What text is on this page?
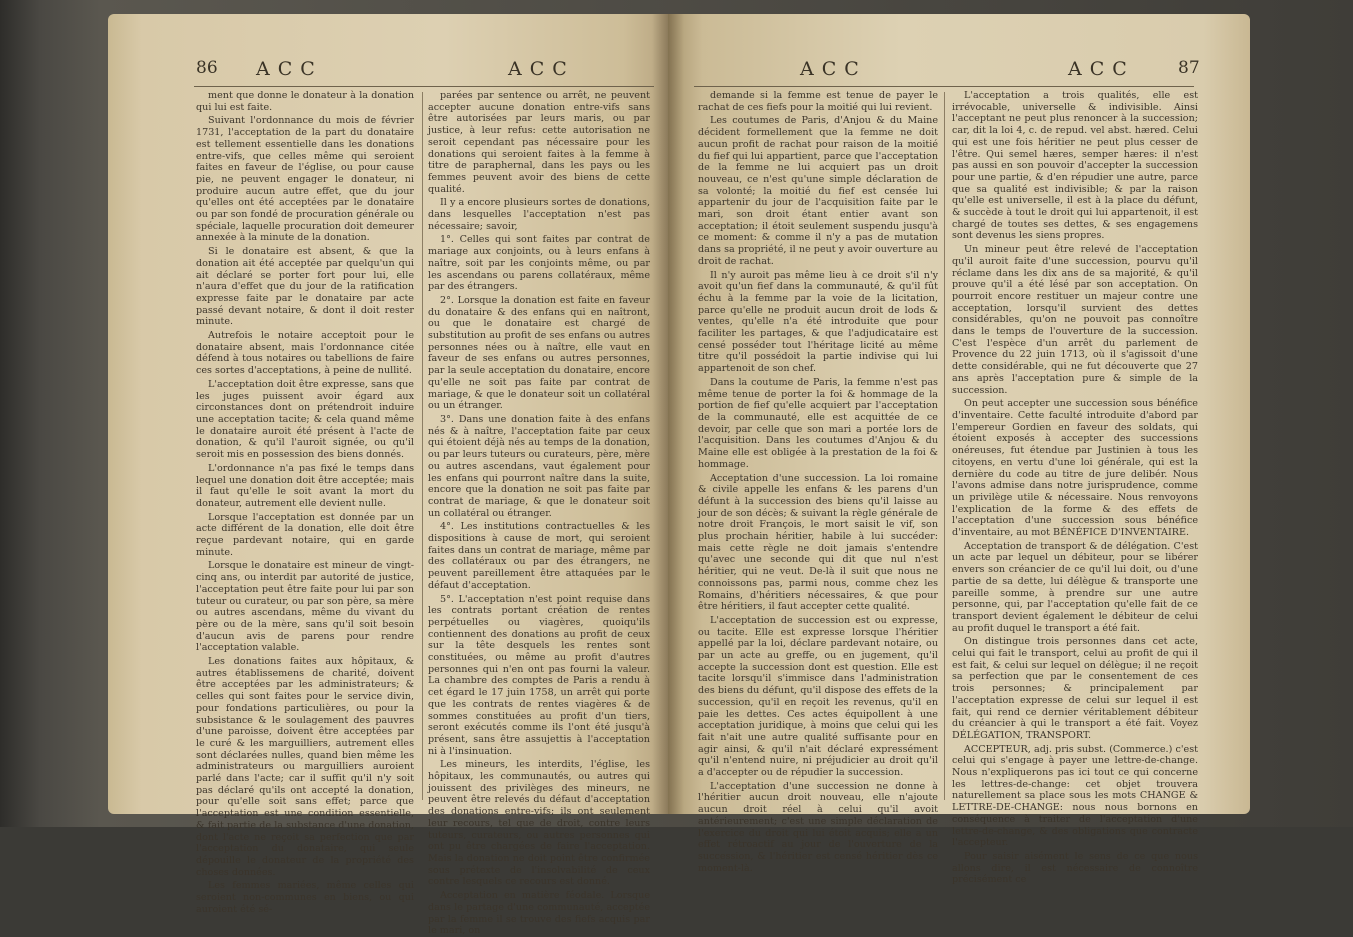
86 ACC	ACC

ment que donne le donateur à la donation qui lui est faite.

Suivant l'ordonnance du mois de février 1731, l'acceptation de la part du donataire est tellement essentielle dans les donations entre-vifs, que celles même qui seroient faites en faveur de l'église, ou pour cause pie, ne peuvent engager le donateur, ni produire aucun autre effet, que du jour qu'elles ont été acceptées par le donataire ou par son fondé de procuration générale ou spéciale, laquelle procuration doit demeurer annexée à la minute de la donation.

Si le donataire est absent, & que la donation ait été acceptée par quelqu'un qui ait déclaré se porter fort pour lui, elle n'aura d'effet que du jour de la ratification expresse faite par le donataire par acte passé devant notaire, & dont il doit rester minute.

Autrefois le notaire acceptoit pour le donataire absent, mais l'ordonnance citée défend à tous notaires ou tabellions de faire ces sortes d'acceptations, à peine de nullité.

L'acceptation doit être expresse, sans que les juges puissent avoir égard aux circonstances dont on prétendroit induire une acceptation tacite; & cela quand même le donataire auroit été présent à l'acte de donation, & qu'il l'auroit signée, ou qu'il seroit mis en possession des biens donnés.

L'ordonnance n'a pas fixé le temps dans lequel une donation doit être acceptée; mais il faut qu'elle le soit avant la mort du donateur, autrement elle devient nulle.

Lorsque l'acceptation est donnée par un acte différent de la donation, elle doit être reçue pardevant notaire, qui en garde minute.

Lorsque le donataire est mineur de vingt-cinq ans, ou interdit par autorité de justice, l'acceptation peut être faite pour lui par son tuteur ou curateur, ou par son père, sa mère ou autres ascendans, même du vivant du père ou de la mère, sans qu'il soit besoin d'aucun avis de parens pour rendre l'acceptation valable.

Les donations faites aux hôpitaux, & autres établissemens de charité, doivent être acceptées par les administrateurs; & celles qui sont faites pour le service divin, pour fondations particulières, ou pour la subsistance & le soulagement des pauvres d'une paroisse, doivent être acceptées par le curé & les marguilliers, autrement elles sont déclarées nulles, quand bien même les administrateurs ou marguilliers auroient parlé dans l'acte; car il suffit qu'il n'y soit pas déclaré qu'ils ont accepté la donation, pour qu'elle soit sans effet; parce que l'acceptation est une condition essentielle, & fait partie de la substance d'une donation, dont l'acte ne reçoit sa perfection que par l'acceptation du donataire, qui seule dépouille le donateur de la propriété des choses données.

Les femmes mariées, même celles qui seroient non-communes en biens, ou qui auroient été sé-

parées par sentence ou arrêt, ne peuvent accepter aucune donation entre-vifs sans être autorisées par leurs maris, ou par justice, à leur refus: cette autorisation ne seroit cependant pas nécessaire pour les donations qui seroient faites à la femme à titre de paraphernal, dans les pays ou les femmes peuvent avoir des biens de cette qualité.

Il y a encore plusieurs sortes de donations, dans lesquelles l'acceptation n'est pas nécessaire; savoir,

1°. Celles qui sont faites par contrat de mariage aux conjoints, ou à leurs enfans à naître, soit par les conjoints même, ou par les ascendans ou parens collatéraux, même par des étrangers.

2°. Lorsque la donation est faite en faveur du donataire & des enfans qui en naîtront, ou que le donataire est chargé de substitution au profit de ses enfans ou autres personnes nées ou à naître, elle vaut en faveur de ses enfans ou autres personnes, par la seule acceptation du donataire, encore qu'elle ne soit pas faite par contrat de mariage, & que le donateur soit un collatéral ou un étranger.

3°. Dans une donation faite à des enfans nés & à naître, l'acceptation faite par ceux qui étoient déjà nés au temps de la donation, ou par leurs tuteurs ou curateurs, père, mère ou autres ascendans, vaut également pour les enfans qui pourront naître dans la suite, encore que la donation ne soit pas faite par contrat de mariage, & que le donateur soit un collatéral ou étranger.

4°. Les institutions contractuelles & les dispositions à cause de mort, qui seroient faites dans un contrat de mariage, même par des collatéraux ou par des étrangers, ne peuvent pareillement être attaquées par le défaut d'acceptation.

5°. L'acceptation n'est point requise dans les contrats portant création de rentes perpétuelles ou viagères, quoiqu'ils contiennent des donations au profit de ceux sur la tête desquels les rentes sont constituées, ou même au profit d'autres personnes qui n'en ont pas fourni la valeur. La chambre des comptes de Paris a rendu à cet égard le 17 juin 1758, un arrêt qui porte que les contrats de rentes viagères & de sommes constituées au profit d'un tiers, seront exécutés comme ils l'ont été jusqu'à présent, sans être assujettis à l'acceptation ni à l'insinuation.

Les mineurs, les interdits, l'église, les hôpitaux, les communautés, ou autres qui jouissent des privilèges des mineurs, ne peuvent être relevés du défaut d'acceptation des donations entre-vifs; ils ont seulement leur recours, tel que de droit, contre leurs tuteurs, curateurs, ou autres personnes qui ont pu être chargées de faire l'acceptation. Mais la donation ne doit point être confirmée sous prétexte de l'insolvabilité de ceux contre lesquels ce recours est donné.

Acceptation en matière féodale. Lorsque dans le partage d'une communauté, acceptée par la femme il se trouve des fiefs acquis par le mari, on

ACC	ACC	87

demande si la femme est tenue de payer le rachat de ces fiefs pour la moitié qui lui revient.

Les coutumes de Paris, d'Anjou & du Maine décident formellement que la femme ne doit aucun profit de rachat pour raison de la moitié du fief qui lui appartient, parce que l'acceptation de la femme ne lui acquiert pas un droit nouveau, ce n'est qu'une simple déclaration de sa volonté; la moitié du fief est censée lui appartenir du jour de l'acquisition faite par le mari, son droit étant entier avant son acceptation; il étoit seulement suspendu jusqu'à ce moment: & comme il n'y a pas de mutation dans sa propriété, il ne peut y avoir ouverture au droit de rachat.

Il n'y auroit pas même lieu à ce droit s'il n'y avoit qu'un fief dans la communauté, & qu'il fût échu à la femme par la voie de la licitation, parce qu'elle ne produit aucun droit de lods & ventes, qu'elle n'a été introduite que pour faciliter les partages, & que l'adjudicataire est censé posséder tout l'héritage licité au même titre qu'il possédoit la partie indivise qui lui appartenoit de son chef.

Dans la coutume de Paris, la femme n'est pas même tenue de porter la foi & hommage de la portion de fief qu'elle acquiert par l'acceptation de la communauté, elle est acquittée de ce devoir, par celle que son mari a portée lors de l'acquisition. Dans les coutumes d'Anjou & du Maine elle est obligée à la prestation de la foi & hommage.

Acceptation d'une succession. La loi romaine & civile appelle les enfans & les parens d'un défunt à la succession des biens qu'il laisse au jour de son décès; & suivant la règle générale de notre droit François, le mort saisit le vif, son plus prochain héritier, habile à lui succéder: mais cette règle ne doit jamais s'entendre qu'avec une seconde qui dit que nul n'est héritier, qui ne veut. De-là il suit que nous ne connoissons pas, parmi nous, comme chez les Romains, d'héritiers nécessaires, & que pour être héritiers, il faut accepter cette qualité.

L'acceptation de succession est ou expresse, ou tacite. Elle est expresse lorsque l'héritier appellé par la loi, déclare pardevant notaire, ou par un acte au greffe, ou en jugement, qu'il accepte la succession dont est question. Elle est tacite lorsqu'il s'immisce dans l'administration des biens du défunt, qu'il dispose des effets de la succession, qu'il en reçoit les revenus, qu'il en paie les dettes. Ces actes équipollent à une acceptation juridique, à moins que celui qui les fait n'ait une autre qualité suffisante pour en agir ainsi, & qu'il n'ait déclaré expressément qu'il n'entend nuire, ni préjudicier au droit qu'il a d'accepter ou de répudier la succession.

L'acceptation d'une succession ne donne à l'héritier aucun droit nouveau, elle n'ajoute aucun droit réel à celui qu'il avoit antérieurement; c'est une simple déclaration de l'exercice du droit qui lui étoit acquis; elle a un effet rétroactif au jour de l'ouverture de la succession, & l'héritier est censé héritier dès ce moment-là.

L'acceptation a trois qualités, elle est irrévocable, universelle & indivisible. Ainsi l'acceptant ne peut plus renoncer à la succession; car, dit la loi 4, c. de repud. vel abst. hæred. Celui qui est une fois héritier ne peut plus cesser de l'être. Qui semel hæres, semper hæres: il n'est pas aussi en son pouvoir d'accepter la succession pour une partie, & d'en répudier une autre, parce que sa qualité est indivisible; & par la raison qu'elle est universelle, il est à la place du défunt, & succède à tout le droit qui lui appartenoit, il est chargé de toutes ses dettes, & ses engagemens sont devenus les siens propres.

Un mineur peut être relevé de l'acceptation qu'il auroit faite d'une succession, pourvu qu'il réclame dans les dix ans de sa majorité, & qu'il prouve qu'il a été lésé par son acceptation. On pourroit encore restituer un majeur contre une acceptation, lorsqu'il survient des dettes considérables, qu'on ne pouvoit pas connoître dans le temps de l'ouverture de la succession. C'est l'espèce d'un arrêt du parlement de Provence du 22 juin 1713, où il s'agissoit d'une dette considérable, qui ne fut découverte que 27 ans après l'acceptation pure & simple de la succession.

On peut accepter une succession sous bénéfice d'inventaire. Cette faculté introduite d'abord par l'empereur Gordien en faveur des soldats, qui étoient exposés à accepter des successions onéreuses, fut étendue par Justinien à tous les citoyens, en vertu d'une loi générale, qui est la dernière du code au titre de jure delibér. Nous l'avons admise dans notre jurisprudence, comme un privilège utile & nécessaire. Nous renvoyons l'explication de la forme & des effets de l'acceptation d'une succession sous bénéfice d'inventaire, au mot BÉNÉFICE D'INVENTAIRE.

Acceptation de transport & de délégation. C'est un acte par lequel un débiteur, pour se libérer envers son créancier de ce qu'il lui doit, ou d'une partie de sa dette, lui délègue & transporte une pareille somme, à prendre sur une autre personne, qui, par l'acceptation qu'elle fait de ce transport devient également le débiteur de celui au profit duquel le transport a été fait.

On distingue trois personnes dans cet acte, celui qui fait le transport, celui au profit de qui il est fait, & celui sur lequel on délègue; il ne reçoit sa perfection que par le consentement de ces trois personnes; & principalement par l'acceptation expresse de celui sur lequel il est fait, qui rend ce dernier véritablement débiteur du créancier à qui le transport a été fait. Voyez DÉLÉGATION, TRANSPORT.

ACCEPTEUR, adj. pris subst. (Commerce.) c'est celui qui s'engage à payer une lettre-de-change. Nous n'expliquerons pas ici tout ce qui concerne les lettres-de-change: cet objet trouvera naturellement sa place sous les mots CHANGE & LETTRE-DE-CHANGE: nous nous bornons en conséquence à traiter de l'acceptation d'une lettre-de-change, & des obligations que contracte l'accepteur.

Pour saisir aisément le sens de ce que nous allons dire, il est nécessaire de connoître précisément ce
